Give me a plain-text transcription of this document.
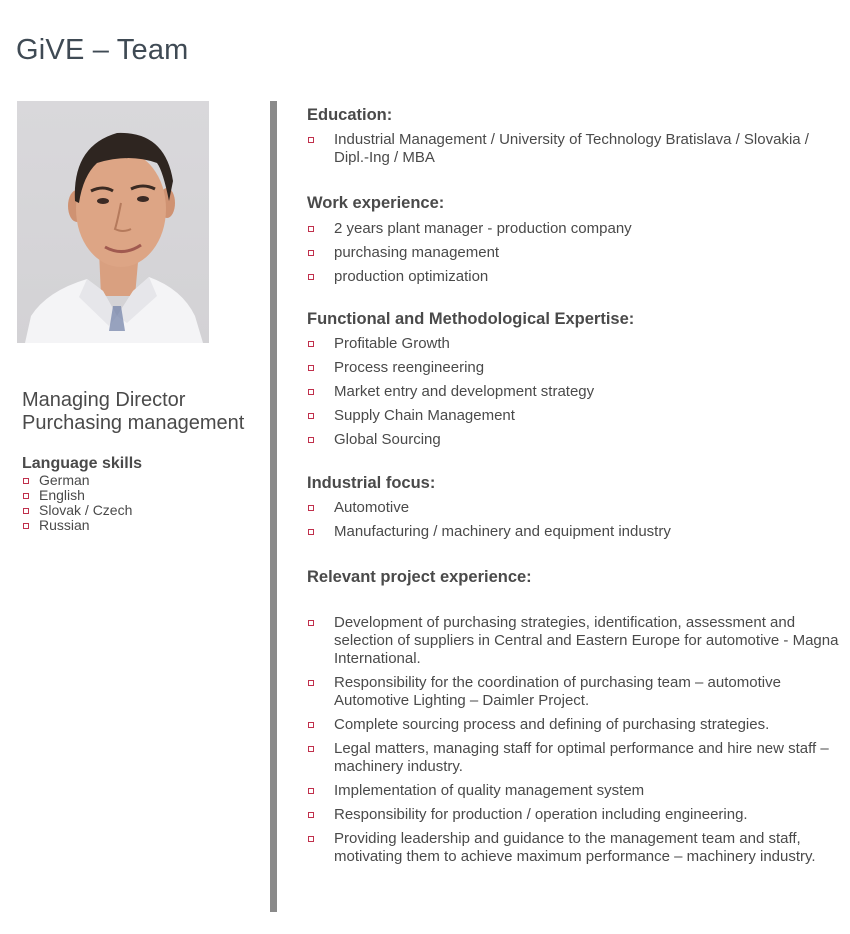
GiVE – Team
Managing Director
Purchasing management
Language skills
German
English
Slovak / Czech
Russian
Education:
Industrial Management / University of Technology Bratislava / Slovakia / Dipl.-Ing / MBA
Work experience:
2 years plant manager - production company
purchasing management
production optimization
Functional and Methodological Expertise:
Profitable Growth
Process reengineering
Market entry and development strategy
Supply Chain Management
Global Sourcing
Industrial focus:
Automotive
Manufacturing / machinery and equipment industry
Relevant project experience:
Development of purchasing strategies, identification, assessment and selection of suppliers in Central and Eastern Europe for automotive - Magna International.
Responsibility for the coordination of purchasing team – automotive Automotive Lighting – Daimler Project.
Complete sourcing process and defining of purchasing strategies.
Legal matters, managing staff for optimal performance and hire new staff – machinery industry.
Implementation of quality management system
Responsibility for production / operation including engineering.
Providing leadership and guidance to the management team and staff, motivating them to achieve maximum performance – machinery industry.
